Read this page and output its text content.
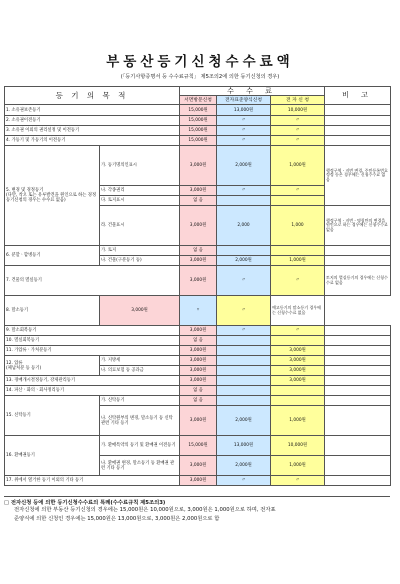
부동산등기신청수수료액
(「등기사항증명서 등 수수료규칙」 제5조의2에 의한 등기신청의 경우)
등 기 의 목 적		수 수 료			비 고
		서면방문신청	전자표준양식신청	전 자 신 청	
1. 소유권보존등기		15,000원	13,000원	10,000원	
2. 소유권이전등기		15,000원	〃	〃	
3. 소유권 이외의 권리설정 및 이전등기		15,000원	〃	〃	
4. 가등기 및 가등기의 이전등기		15,000원	〃	〃	
5. 변경 및 경정등기
(다만, 착오 또는 유루발견을 원인으로 하는 경정 등기신청의 경우는 수수료 없음)	가. 등기명의인표시	3,000원	2,000원	1,000원	행정구역ㆍ지번 변경, 주민등록번호정정 등은 경우에는 신청수수료 없음
	나. 각종권리	3,000원	〃	〃	
	다. 토지표시	없 음			
	라. 건물표시	3,000원	2,000	1,000	행정구역ㆍ지번ㆍ명칭만의 변경을 원인으로 하는 경우에는 신청수수료 없음
6. 분할ㆍ합병등기	가. 토지	없 음			
	나. 건물(구분등기 등)	3,000원	2,000원	1,000원	
7. 건물의 멸실등기		3,000원	〃	〃	토지의 멸실등기의 경우에는 신청수수료 없음
8. 말소등기	3,000원	〃	〃	예고등기의 말소등기 경우에는 신청수수료 없음	
9. 말소회복등기		3,000원	〃	〃	
10. 멸실회복등기		없 음			
11. 가압류ㆍ가처분등기		3,000원		3,000원	
12. 압류
(체납처분 등 등기)	가. 지방세	3,000원		3,000원	
	나. 의료보험 등 공과금	3,000원		3,000원	
13. 경매개시결정등기, 강제관리등기		3,000원		3,000원	
14. 파산ㆍ화의ㆍ회사정리등기		없 음			
15. 신탁등기	가. 신탁등기	없 음			
	나. 신탁원부의 변경, 말소등기 등 신탁 관련 기타 등기	3,000원	2,000원	1,000원	
16. 환매권등기	가. 환매특약의 등기 및 환매권 이전등기	15,000원	13,000원	10,000원	
	나. 환매권 변경, 말소등기 등 환매권 관련 기타 등기	3,000원	2,000원	1,000원	
17. 위에서 열거한 등기 이외의 기타 등기		3,000원	〃	〃	
□ 전자신청 등에 의한 등기신청수수료의 특례(수수료규칙 제5조의3)
전자신청에 의한 부동산 등기신청의 경우에는 15,000원은 10,000원으로, 3,000원은 1,000원으로 하며, 전자표
준양식에 의한 신청인 경우에는 15,000원은 13,000원으로, 3,000원은 2,000원으로 함
